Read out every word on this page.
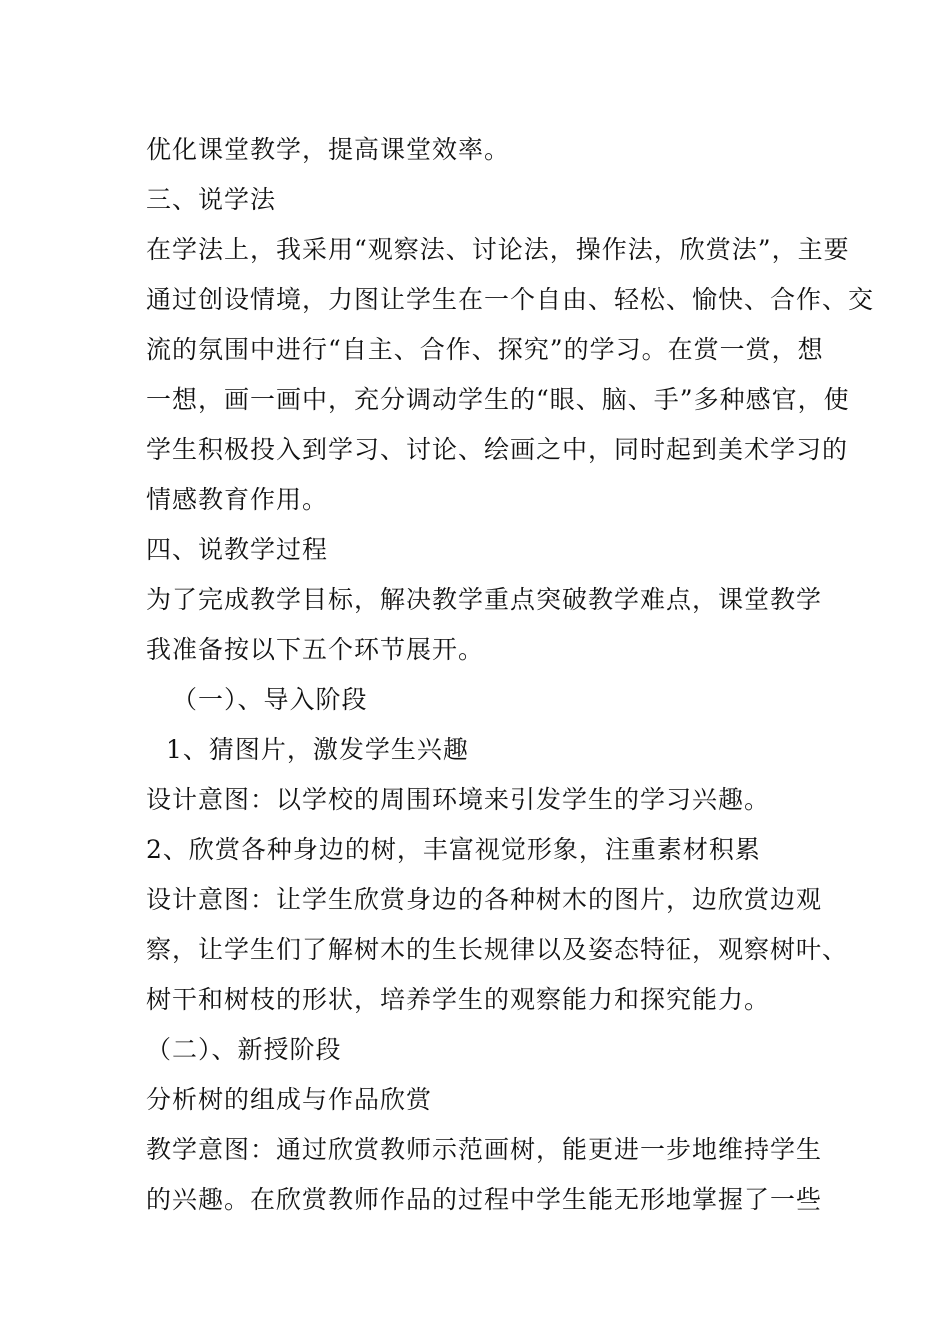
优化课堂教学，提高课堂效率。
三、说学法
在学法上，我采用“观察法、讨论法，操作法，欣赏法”，主要
通过创设情境，力图让学生在一个自由、轻松、愉快、合作、交
流的氛围中进行“自主、合作、探究”的学习。在赏一赏，想
一想，画一画中，充分调动学生的“眼、脑、手”多种感官，使
学生积极投入到学习、讨论、绘画之中，同时起到美术学习的
情感教育作用。
四、说教学过程
为了完成教学目标，解决教学重点突破教学难点，课堂教学
我准备按以下五个环节展开。
（一）、导入阶段
1、猜图片，激发学生兴趣
设计意图：以学校的周围环境来引发学生的学习兴趣。
2、欣赏各种身边的树，丰富视觉形象，注重素材积累
设计意图：让学生欣赏身边的各种树木的图片，边欣赏边观
察，让学生们了解树木的生长规律以及姿态特征，观察树叶、
树干和树枝的形状，培养学生的观察能力和探究能力。
（二）、新授阶段
分析树的组成与作品欣赏
教学意图：通过欣赏教师示范画树，能更进一步地维持学生
的兴趣。在欣赏教师作品的过程中学生能无形地掌握了一些
